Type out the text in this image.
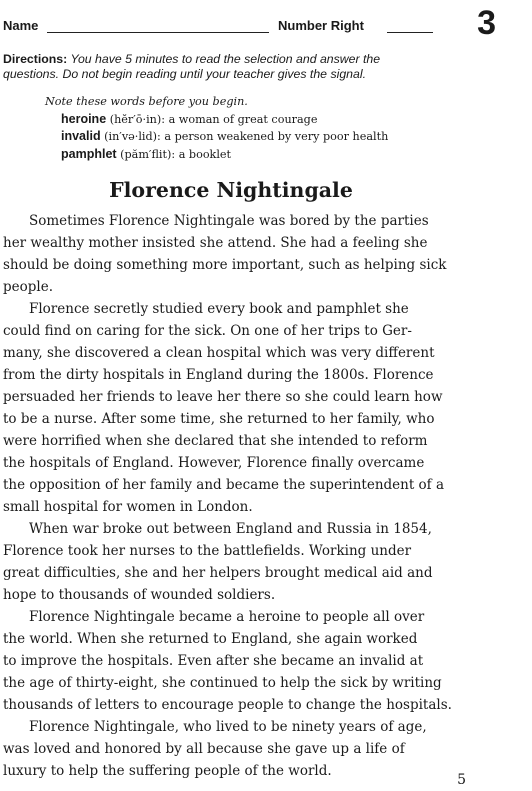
Name	Number Right	3
Directions: You have 5 minutes to read the selection and answer the
questions. Do not begin reading until your teacher gives the signal.
Note these words before you begin.
heroine (hĕr′ō·in): a woman of great courage
invalid (in′və·lid): a person weakened by very poor health
pamphlet (păm′flit): a booklet
Florence Nightingale
Sometimes Florence Nightingale was bored by the parties
her wealthy mother insisted she attend. She had a feeling she
should be doing something more important, such as helping sick
people.
Florence secretly studied every book and pamphlet she
could find on caring for the sick. On one of her trips to Ger-
many, she discovered a clean hospital which was very different
from the dirty hospitals in England during the 1800s. Florence
persuaded her friends to leave her there so she could learn how
to be a nurse. After some time, she returned to her family, who
were horrified when she declared that she intended to reform
the hospitals of England. However, Florence finally overcame
the opposition of her family and became the superintendent of a
small hospital for women in London.
When war broke out between England and Russia in 1854,
Florence took her nurses to the battlefields. Working under
great difficulties, she and her helpers brought medical aid and
hope to thousands of wounded soldiers.
Florence Nightingale became a heroine to people all over
the world. When she returned to England, she again worked
to improve the hospitals. Even after she became an invalid at
the age of thirty-eight, she continued to help the sick by writing
thousands of letters to encourage people to change the hospitals.
Florence Nightingale, who lived to be ninety years of age,
was loved and honored by all because she gave up a life of
luxury to help the suffering people of the world.
5
